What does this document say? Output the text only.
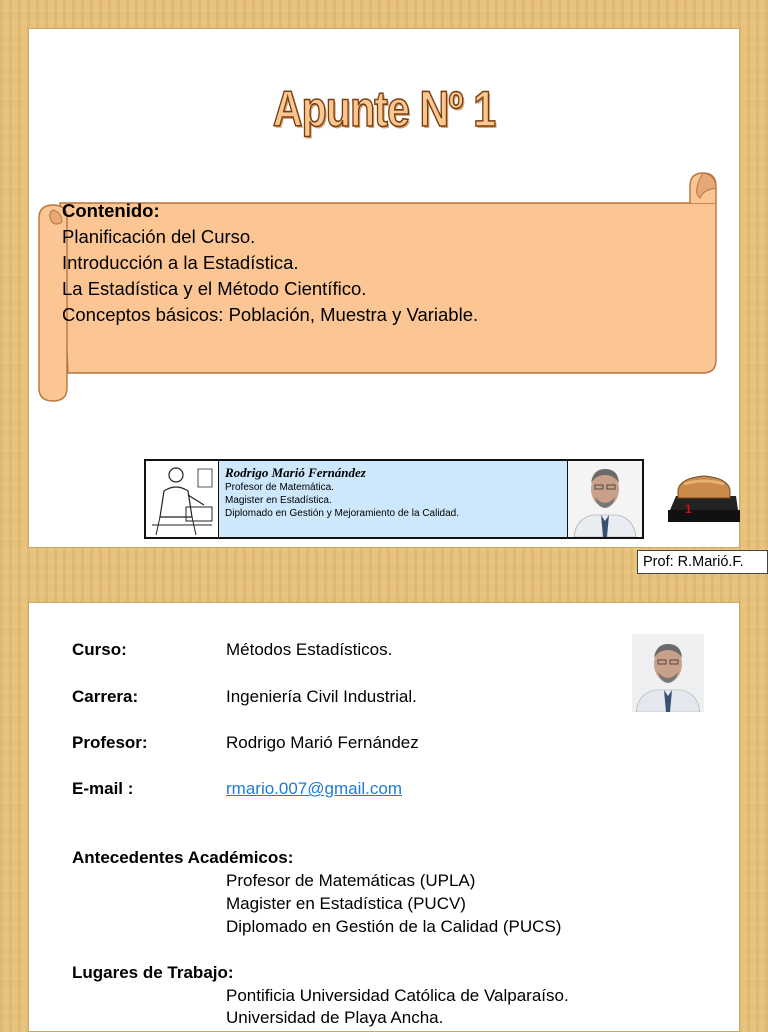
Apunte Nº 1
Contenido:
Planificación del Curso.
Introducción a la Estadística.
La Estadística y el Método Científico.
Conceptos básicos: Población, Muestra y Variable.
Rodrigo Marió Fernández
Profesor de Matemática.
Magister en Estadística.
Diplomado en Gestión y Mejoramiento de la Calidad.	1
Prof: R.Marió.F.
Curso:	Métodos Estadísticos.
Carrera:	Ingeniería Civil Industrial.
Profesor:	Rodrigo Marió Fernández
E-mail :	rmario.007@gmail.com
Antecedentes Académicos:
Profesor de Matemáticas (UPLA)
Magister en Estadística (PUCV)
Diplomado en Gestión de la Calidad (PUCS)
Lugares de Trabajo:
Pontificia Universidad Católica de Valparaíso.
Universidad de Playa Ancha.
